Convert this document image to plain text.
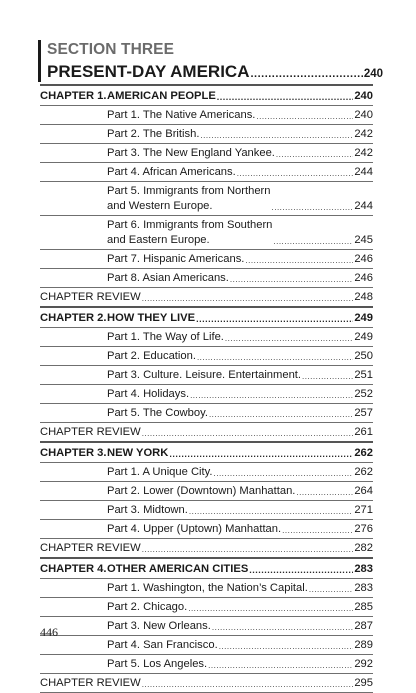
SECTION THREE
PRESENT-DAY AMERICA .....	240
CHAPTER 1. AMERICAN PEOPLE .....	240
Part 1. The Native Americans. .....	240
Part 2. The British. .....	242
Part 3. The New England Yankee. .....	242
Part 4. African Americans. .....	244
Part 5. Immigrants from Northern
and Western Europe. .....	244
Part 6. Immigrants from Southern
and Eastern Europe. .....	245
Part 7. Hispanic Americans. .....	246
Part 8. Asian Americans. .....	246
CHAPTER REVIEW .....	248
CHAPTER 2. HOW THEY LIVE .....	249
Part 1. The Way of Life. .....	249
Part 2. Education. .....	250
Part 3. Culture. Leisure. Entertainment. .....	251
Part 4. Holidays. .....	252
Part 5. The Cowboy. .....	257
CHAPTER REVIEW .....	261
CHAPTER 3. NEW YORK .....	262
Part 1. A Unique City. .....	262
Part 2. Lower (Downtown) Manhattan. .....	264
Part 3. Midtown. .....	271
Part 4. Upper (Uptown) Manhattan. .....	276
CHAPTER REVIEW .....	282
CHAPTER 4. OTHER AMERICAN CITIES .....	283
Part 1. Washington, the Nation’s Capital. .....	283
Part 2. Chicago. .....	285
Part 3. New Orleans. .....	287
Part 4. San Francisco. .....	289
Part 5. Los Angeles. .....	292
CHAPTER REVIEW .....	295
446
